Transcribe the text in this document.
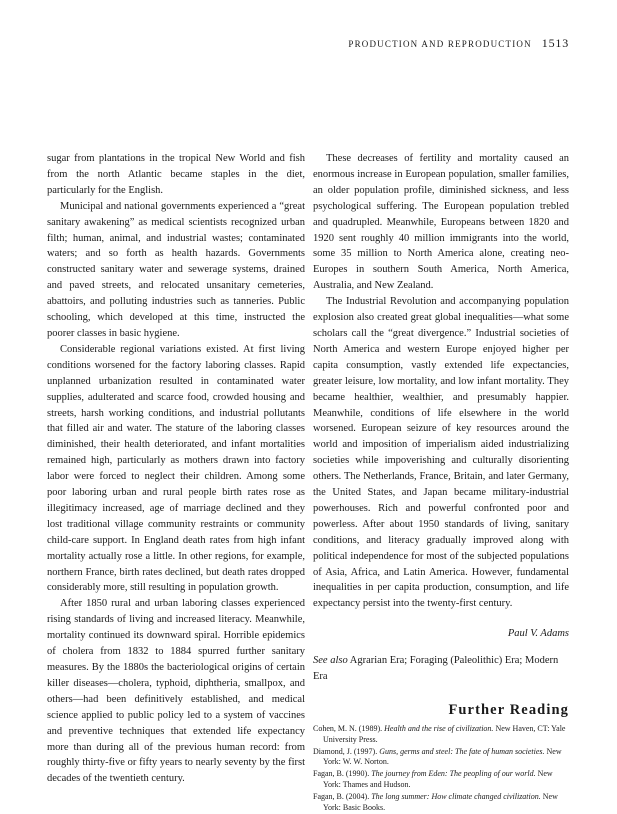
PRODUCTION AND REPRODUCTION 1513

sugar from plantations in the tropical New World and fish from the north Atlantic became staples in the diet, particularly for the English.

Municipal and national governments experienced a “great sanitary awakening” as medical scientists recognized urban filth; human, animal, and industrial wastes; contaminated waters; and so forth as health hazards. Governments constructed sanitary water and sewerage systems, drained and paved streets, and relocated unsanitary cemeteries, abattoirs, and polluting industries such as tanneries. Public schooling, which developed at this time, instructed the poorer classes in basic hygiene.

Considerable regional variations existed. At first living conditions worsened for the factory laboring classes. Rapid unplanned urbanization resulted in contaminated water supplies, adulterated and scarce food, crowded housing and streets, harsh working conditions, and industrial pollutants that filled air and water. The stature of the laboring classes diminished, their health deteriorated, and infant mortalities remained high, particularly as mothers drawn into factory labor were forced to neglect their children. Among some poor laboring urban and rural people birth rates rose as illegitimacy increased, age of marriage declined and they lost traditional village community restraints or community child-care support. In England death rates from high infant mortality actually rose a little. In other regions, for example, northern France, birth rates declined, but death rates dropped considerably more, still resulting in population growth.

After 1850 rural and urban laboring classes experienced rising standards of living and increased literacy. Meanwhile, mortality continued its downward spiral. Horrible epidemics of cholera from 1832 to 1884 spurred further sanitary measures. By the 1880s the bacteriological origins of certain killer diseases—cholera, typhoid, diphtheria, smallpox, and others—had been definitively established, and medical science applied to public policy led to a system of vaccines and preventive techniques that extended life expectancy more than during all of the previous human record: from roughly thirty-five or fifty years to nearly seventy by the first decades of the twentieth century.

These decreases of fertility and mortality caused an enormous increase in European population, smaller families, an older population profile, diminished sickness, and less psychological suffering. The European population trebled and quadrupled. Meanwhile, Europeans between 1820 and 1920 sent roughly 40 million immigrants into the world, some 35 million to North America alone, creating neo-Europes in southern South America, North America, Australia, and New Zealand.

The Industrial Revolution and accompanying population explosion also created great global inequalities—what some scholars call the “great divergence.” Industrial societies of North America and western Europe enjoyed higher per capita consumption, vastly extended life expectancies, greater leisure, low mortality, and low infant mortality. They became healthier, wealthier, and presumably happier. Meanwhile, conditions of life elsewhere in the world worsened. European seizure of key resources around the world and imposition of imperialism aided industrializing societies while impoverishing and culturally disorienting others. The Netherlands, France, Britain, and later Germany, the United States, and Japan became military-industrial powerhouses. Rich and powerful confronted poor and powerless. After about 1950 standards of living, sanitary conditions, and literacy gradually improved along with political independence for most of the subjected populations of Asia, Africa, and Latin America. However, fundamental inequalities in per capita production, consumption, and life expectancy persist into the twenty-first century.

Paul V. Adams
See also Agrarian Era; Foraging (Paleolithic) Era; Modern Era
Further Reading
Cohen, M. N. (1989). Health and the rise of civilization. New Haven, CT: Yale University Press.
Diamond, J. (1997). Guns, germs and steel: The fate of human societies. New York: W. W. Norton.
Fagan, B. (1990). The journey from Eden: The peopling of our world. New York: Thames and Hudson.
Fagan, B. (2004). The long summer: How climate changed civilization. New York: Basic Books.
